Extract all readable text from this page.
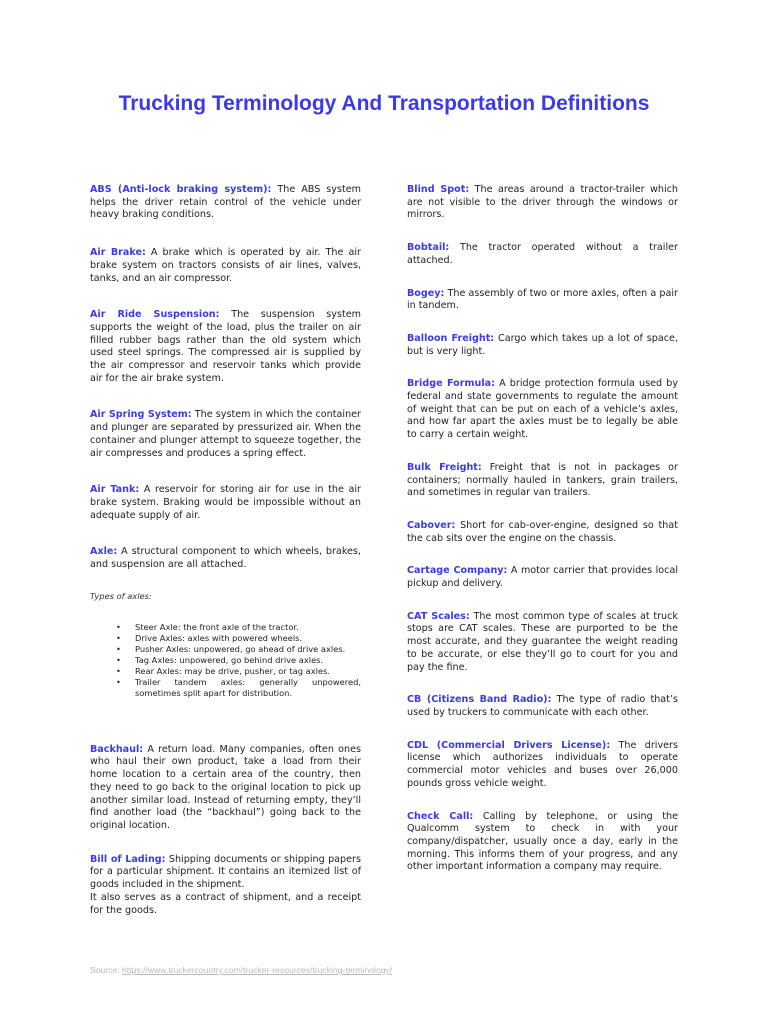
Trucking Terminology And Transportation Definitions

ABS (Anti-lock braking system): The ABS system helps the driver retain control of the vehicle under heavy braking conditions.

Air Brake: A brake which is operated by air. The air brake system on tractors consists of air lines, valves, tanks, and an air compressor.

Air Ride Suspension: The suspension system supports the weight of the load, plus the trailer on air filled rubber bags rather than the old system which used steel springs. The compressed air is supplied by the air compressor and reservoir tanks which provide air for the air brake system.

Air Spring System: The system in which the container and plunger are separated by pressurized air. When the container and plunger attempt to squeeze together, the air compresses and produces a spring effect.

Air Tank: A reservoir for storing air for use in the air brake system. Braking would be impossible without an adequate supply of air.

Axle: A structural component to which wheels, brakes, and suspension are all attached.

Types of axles:

• Steer Axle: the front axle of the tractor.
• Drive Axles: axles with powered wheels.
• Pusher Axles: unpowered, go ahead of drive axles.
• Tag Axles: unpowered, go behind drive axles.
• Rear Axles: may be drive, pusher, or tag axles.
• Trailer tandem axles: generally unpowered, sometimes split apart for distribution.

Backhaul: A return load. Many companies, often ones who haul their own product, take a load from their home location to a certain area of the country, then they need to go back to the original location to pick up another similar load. Instead of returning empty, they’ll find another load (the “backhaul”) going back to the original location.

Bill of Lading: Shipping documents or shipping papers for a particular shipment. It contains an itemized list of goods included in the shipment.
It also serves as a contract of shipment, and a receipt for the goods.

Blind Spot: The areas around a tractor-trailer which are not visible to the driver through the windows or mirrors.

Bobtail: The tractor operated without a trailer attached.

Bogey: The assembly of two or more axles, often a pair in tandem.

Balloon Freight: Cargo which takes up a lot of space, but is very light.

Bridge Formula: A bridge protection formula used by federal and state governments to regulate the amount of weight that can be put on each of a vehicle’s axles, and how far apart the axles must be to legally be able to carry a certain weight.

Bulk Freight: Freight that is not in packages or containers; normally hauled in tankers, grain trailers, and sometimes in regular van trailers.

Cabover: Short for cab-over-engine, designed so that the cab sits over the engine on the chassis.

Cartage Company: A motor carrier that provides local pickup and delivery.

CAT Scales: The most common type of scales at truck stops are CAT scales. These are purported to be the most accurate, and they guarantee the weight reading to be accurate, or else they’ll go to court for you and pay the fine.

CB (Citizens Band Radio): The type of radio that’s used by truckers to communicate with each other.

CDL (Commercial Drivers License): The drivers license which authorizes individuals to operate commercial motor vehicles and buses over 26,000 pounds gross vehicle weight.

Check Call: Calling by telephone, or using the Qualcomm system to check in with your company/dispatcher, usually once a day, early in the morning. This informs them of your progress, and any other important information a company may require.

Source: https://www.truckercountry.com/trucker-resources/trucking-terminology/
